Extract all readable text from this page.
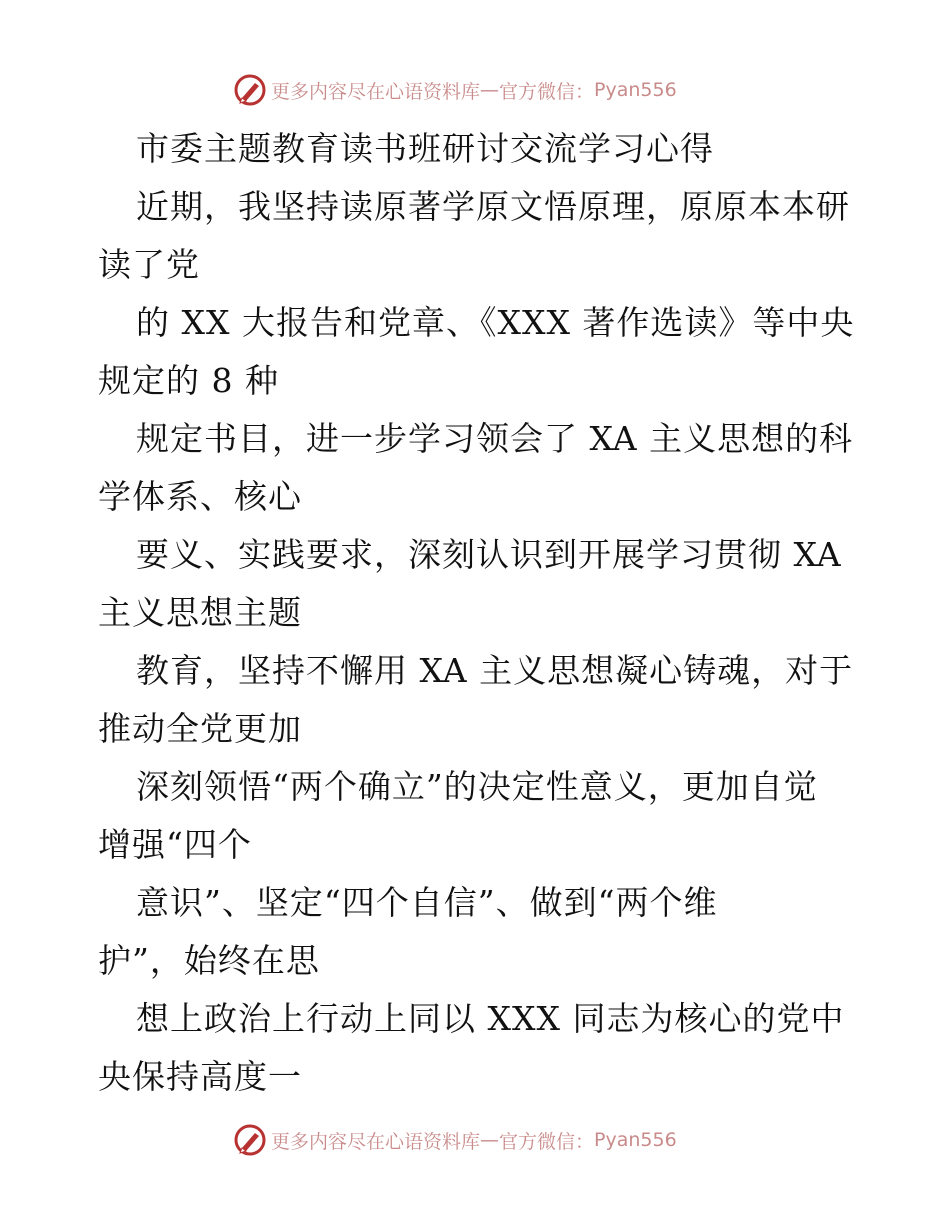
更多内容尽在心语资料库 — 官方微信： Pyan556
市委主题教育读书班研讨交流学习心得
近期，我坚持读原著学原文悟原理，原原本本研
读了党
的 XX 大报告和党章、《XXX 著作选读》等中央
规定的 8 种
规定书目，进一步学习领会了 XA 主义思想的科
学体系、核心
要义、实践要求，深刻认识到开展学习贯彻 XA
主义思想主题
教育，坚持不懈用 XA 主义思想凝心铸魂，对于
推动全党更加
深刻领悟“两个确立”的决定性意义，更加自觉
增强“四个
意识”、坚定“四个自信”、做到“两个维
护”，始终在思
想上政治上行动上同以 XXX 同志为核心的党中
央保持高度一
更多内容尽在心语资料库 — 官方微信： Pyan556
